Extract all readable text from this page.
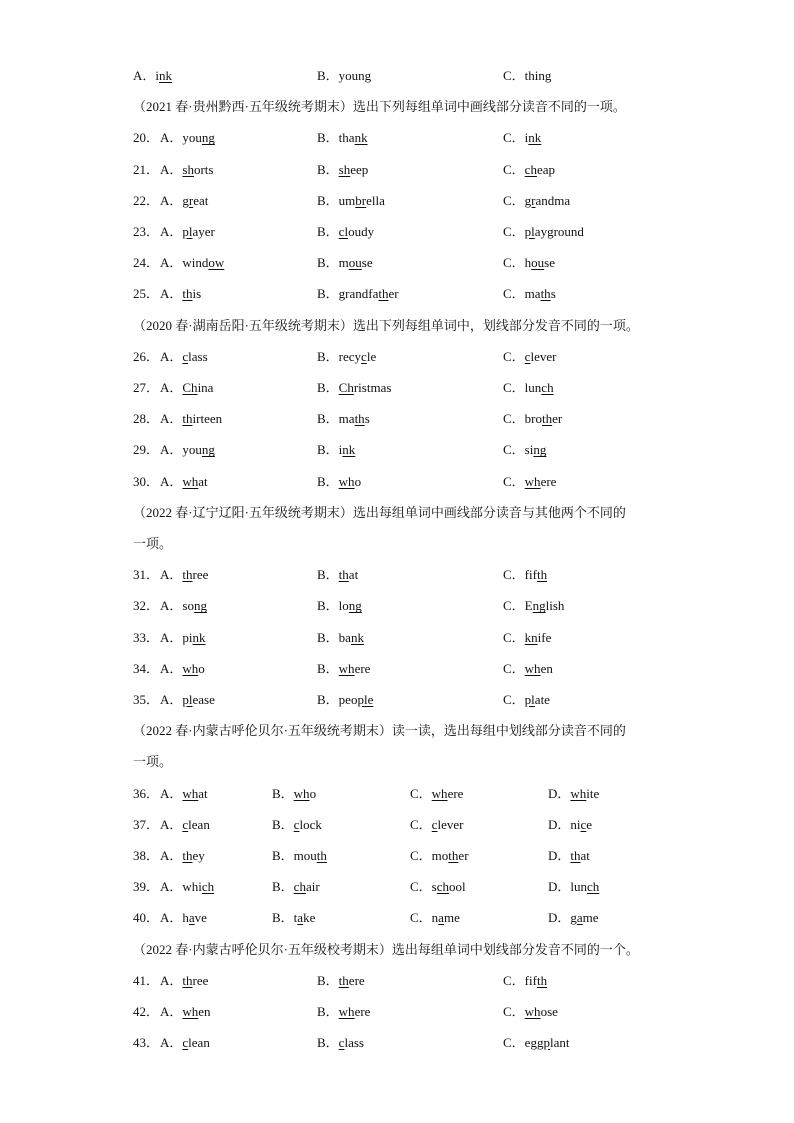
A．ink	B．young	C．thing
（2021 春·贵州黔西·五年级统考期末）选出下列每组单词中画线部分读音不同的一项。
20． A．young	B．thank	C．ink
21． A．shorts	B．sheep	C．cheap
22． A．great	B．umbrella	C．grandma
23． A．player	B．cloudy	C．playground
24． A．window	B．mouse	C．house
25． A．this	B．grandfather	C．maths
（2020 春·湖南岳阳·五年级统考期末）选出下列每组单词中，划线部分发音不同的一项。
26． A．class	B．recycle	C．clever
27． A．China	B．Christmas	C．lunch
28． A．thirteen	B．maths	C．brother
29． A．young	B．ink	C．sing
30． A．what	B．who	C．where
（2022 春·辽宁辽阳·五年级统考期末）选出每组单词中画线部分读音与其他两个不同的
一项。
31． A．three	B．that	C．fifth
32． A．song	B．long	C．English
33． A．pink	B．bank	C．knife
34． A．who	B．where	C．when
35． A．please	B．people	C．plate
（2022 春·内蒙古呼伦贝尔·五年级统考期末）读一读，选出每组中划线部分读音不同的
一项。
36． A．what	B．who	C．where	D．white
37． A．clean	B．clock	C．clever	D．nice
38． A．they	B．mouth	C．mother	D．that
39． A．which	B．chair	C．school	D．lunch
40． A．have	B．take	C．name	D．game
（2022 春·内蒙古呼伦贝尔·五年级校考期末）选出每组单词中划线部分发音不同的一个。
41． A．three	B．there	C．fifth
42． A．when	B．where	C．whose
43． A．clean	B．class	C．eggplant
